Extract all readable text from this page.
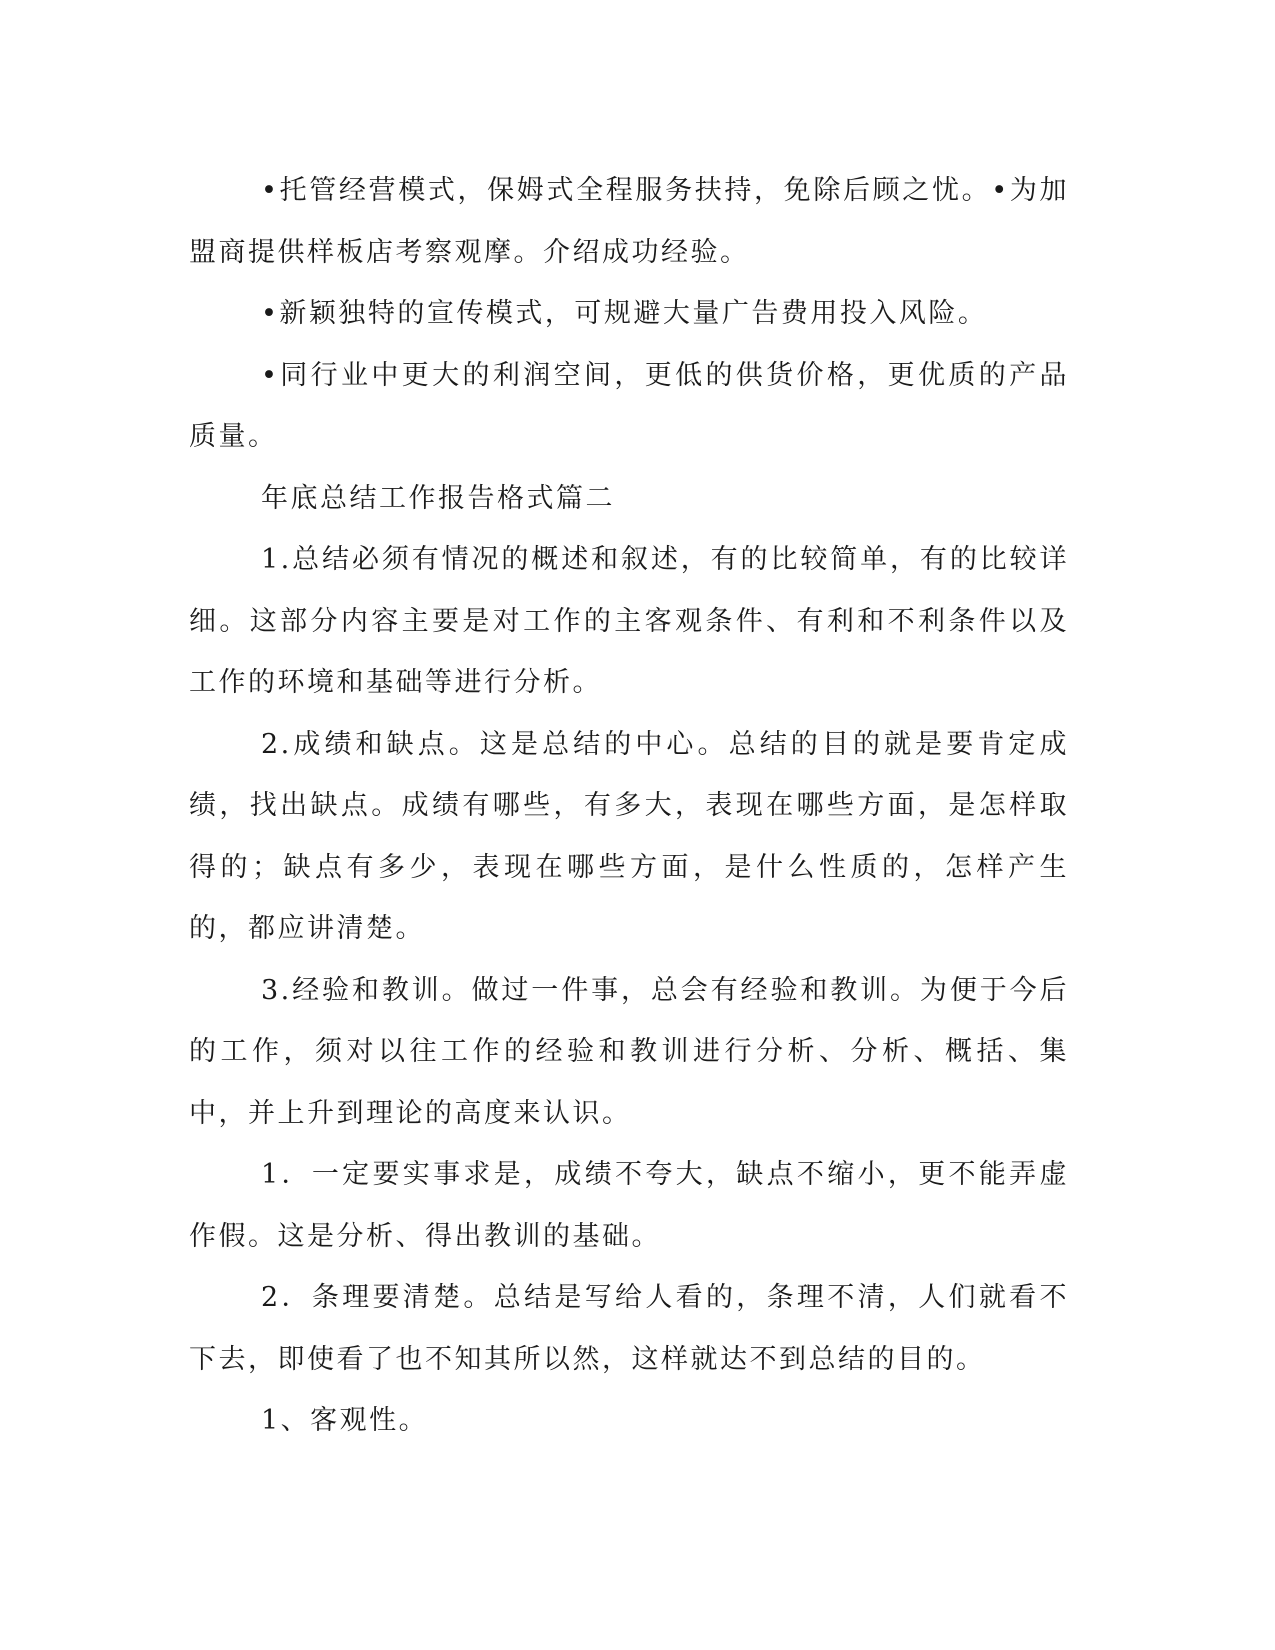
•托管经营模式，保姆式全程服务扶持，免除后顾之忧。•为加盟商提供样板店考察观摩。介绍成功经验。

•新颖独特的宣传模式，可规避大量广告费用投入风险。

•同行业中更大的利润空间，更低的供货价格，更优质的产品质量。

年底总结工作报告格式篇二

1.总结必须有情况的概述和叙述，有的比较简单，有的比较详细。这部分内容主要是对工作的主客观条件、有利和不利条件以及工作的环境和基础等进行分析。

2.成绩和缺点。这是总结的中心。总结的目的就是要肯定成绩，找出缺点。成绩有哪些，有多大，表现在哪些方面，是怎样取得的；缺点有多少，表现在哪些方面，是什么性质的，怎样产生的，都应讲清楚。

3.经验和教训。做过一件事，总会有经验和教训。为便于今后的工作，须对以往工作的经验和教训进行分析、分析、概括、集中，并上升到理论的高度来认识。

1．一定要实事求是，成绩不夸大，缺点不缩小，更不能弄虚作假。这是分析、得出教训的基础。

2．条理要清楚。总结是写给人看的，条理不清，人们就看不下去，即使看了也不知其所以然，这样就达不到总结的目的。

1、客观性。
